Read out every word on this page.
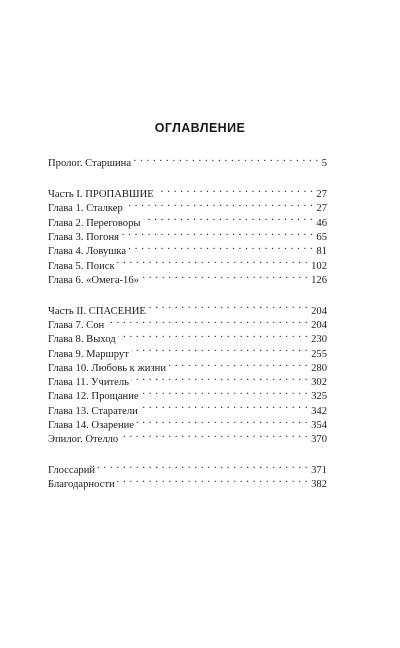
ОГЛАВЛЕНИЕ
Пролог. Старшина . . .	5
Часть I. ПРОПАВШИЕ . . .	27
Глава 1. Сталкер . . .	27
Глава 2. Переговоры . . .	46
Глава 3. Погоня . . .	65
Глава 4. Ловушка . . .	81
Глава 5. Поиск . . .	102
Глава 6. «Омега-16» . . .	126
Часть II. СПАСЕНИЕ . . .	204
Глава 7. Сон . . .	204
Глава 8. Выход . . .	230
Глава 9. Маршрут . . .	255
Глава 10. Любовь к жизни . . .	280
Глава 11. Учитель . . .	302
Глава 12. Прощание . . .	325
Глава 13. Старатели . . .	342
Глава 14. Озарение . . .	354
Эпилог. Отелло . . .	370
Глоссарий . . .	371
Благодарности . . .	382
